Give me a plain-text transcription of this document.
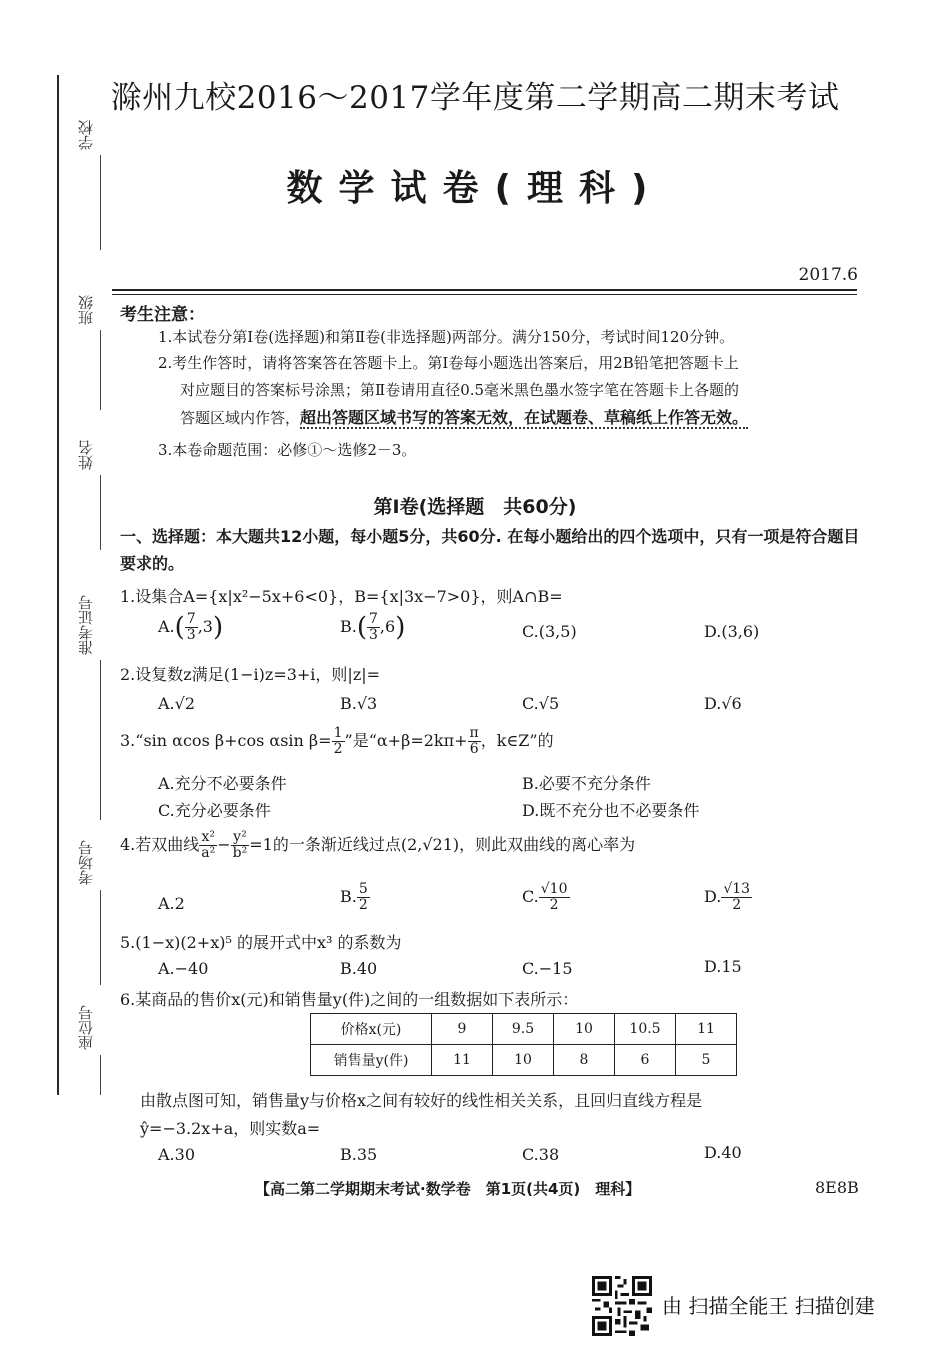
学校
班级
姓名
准考证号
考场号
座位号
滁州九校2016～2017学年度第二学期高二期末考试
数学试卷(理科)
2017.6
考生注意：
1.本试卷分第Ⅰ卷(选择题)和第Ⅱ卷(非选择题)两部分。满分150分，考试时间120分钟。
2.考生作答时，请将答案答在答题卡上。第Ⅰ卷每小题选出答案后，用2B铅笔把答题卡上
对应题目的答案标号涂黑；第Ⅱ卷请用直径0.5毫米黑色墨水签字笔在答题卡上各题的
答题区域内作答，超出答题区域书写的答案无效，在试题卷、草稿纸上作答无效。
3.本卷命题范围：必修①～选修2－3。
第Ⅰ卷(选择题　共60分)
一、选择题：本大题共12小题，每小题5分，共60分. 在每小题给出的四个选项中，只有一项是符合题目要求的。
1.设集合A={x|x²−5x+6<0}，B={x|3x−7>0}，则A∩B=
$A.( \frac{7}{3} ,3)$	$B.( \frac{7}{3} ,6)$	C.(3,5)	D.(3,6)
2.设复数z满足(1−i)z=3+i，则|z|=
A.√2	B.√3	C.√5	D.√6
3.“sin αcos β+cos αsin $\beta= \frac{1}{2}$ ”是“$\alpha+\beta=2k\pi+ \frac{\pi}{6}$ ，k∈Z”的
A.充分不必要条件	B.必要不充分条件
C.充分必要条件	D.既不充分也不必要条件
4.若双曲线 $\frac{\text{x²}}{\text{a²}} - \frac{\text{y²}}{\text{b²}} =1$的一条渐近线过点(2,√21)，则此双曲线的离心率为
A.2	B. $\frac{5}{2}$	C. $\frac{√10}{2}$	D. $\frac{√13}{2}$
5.(1−x)(2+x)⁵ 的展开式中x³ 的系数为
A.−40	B.40	C.−15	D.15
6.某商品的售价x(元)和销售量y(件)之间的一组数据如下表所示：
价格x(元)	9	9.5	10	10.5	11
销售量y(件)	11	10	8	6	5
由散点图可知，销售量y与价格x之间有较好的线性相关关系，且回归直线方程是
ŷ=−3.2x+a，则实数a=
A.30	B.35	C.38	D.40
【高二第二学期期末考试·数学卷　第1页(共4页)　理科】	8E8B
由 扫描全能王 扫描创建
